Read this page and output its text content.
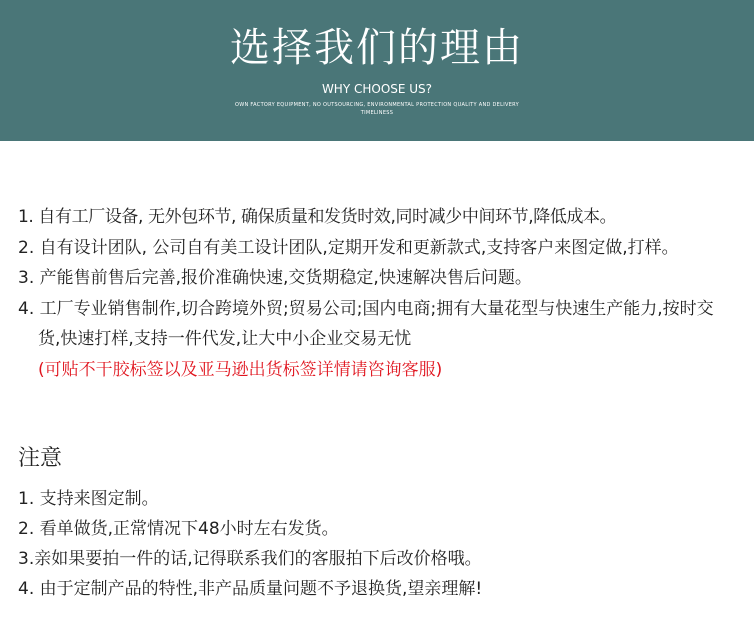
选择我们的理由
WHY CHOOSE US?
OWN FACTORY EQUIPMENT, NO OUTSOURCING, ENVIRONMENTAL PROTECTION QUALITY AND DELIVERY TIMELINESS
1. 自有工厂设备, 无外包环节, 确保质量和发货时效,同时减少中间环节,降低成本。
2. 自有设计团队, 公司自有美工设计团队,定期开发和更新款式,支持客户来图定做,打样。
3. 产能售前售后完善,报价准确快速,交货期稳定,快速解决售后问题。
4. 工厂专业销售制作,切合跨境外贸;贸易公司;国内电商;拥有大量花型与快速生产能力,按时交货,快速打样,支持一件代发,让大中小企业交易无忧
(可贴不干胶标签以及亚马逊出货标签详情请咨询客服)
注意
1. 支持来图定制。
2. 看单做货,正常情况下48小时左右发货。
3.亲如果要拍一件的话,记得联系我们的客服拍下后改价格哦。
4. 由于定制产品的特性,非产品质量问题不予退换货,望亲理解!
